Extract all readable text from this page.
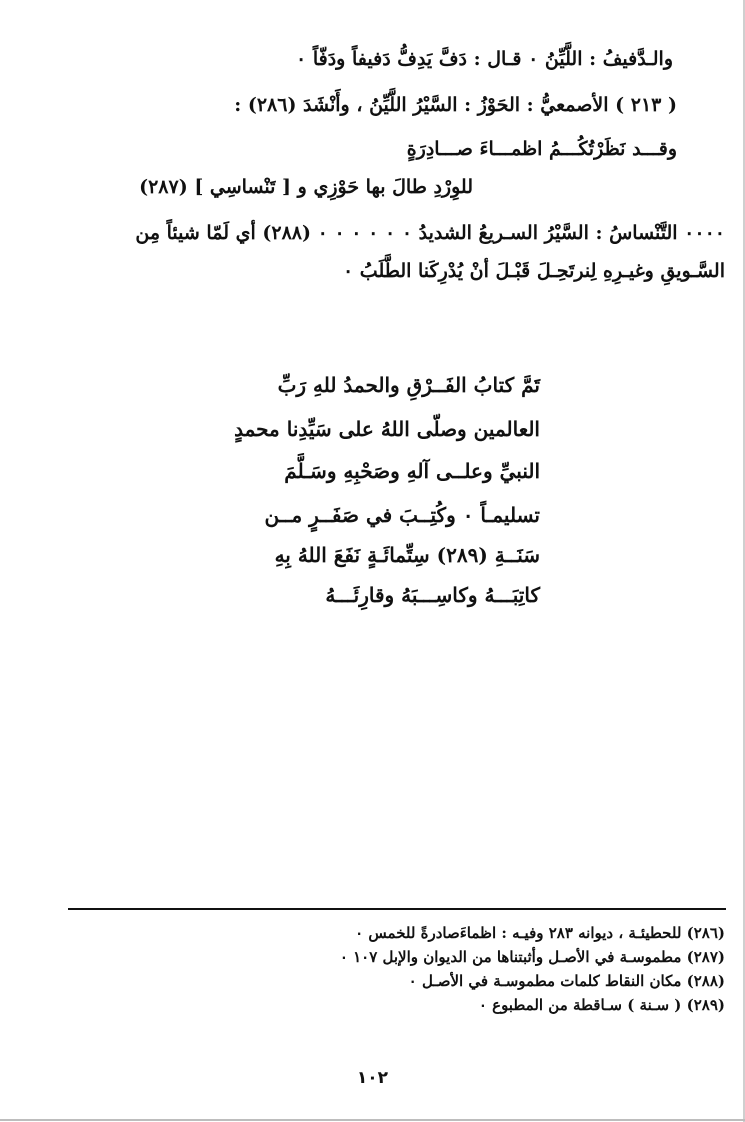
والـدَّفيفُ : اللَّيِّنُ ٠ قـال : دَفَّ يَدِفُّ دَفيفاً ودَفّاً ٠
( ٢١٣ ) الأصمعيُّ : الحَوْزُ : السَّيْرُ اللَّيِّنُ ، وأَنْشَدَ (٢٨٦) :
وقـــد نَظَرْتُكُـــمُ اظمـــاءَ صـــادِرَةٍ
للوِرْدِ طالَ بها حَوْزِي و [ تَنْساسِي ] (٢٨٧)
٠٠٠٠ التَّنْساسُ : السَّيْرُ السـريعُ الشديدُ ٠ ٠ ٠ ٠ ٠ ٠ (٢٨٨) أي لَمّا شيئاً مِن
السَّـويقِ وغيـرِهِ لِنرتَحِـلَ قَبْـلَ أنْ يُدْرِكَنا الطَّلَبُ ٠
تَمَّ كتابُ الفَــرْقِ والحمدُ للهِ رَبِّ
العالمين وصلّى اللهُ على سَيِّدِنا محمدٍ
النبيِّ وعلــى آلهِ وصَحْبِهِ وسَـلَّمَ
تسليمـاً ٠ وكُتِــبَ في صَفَــرٍ مــن
سَنَــةِ (٢٨٩) سِتِّمائَـةٍ نَفَعَ اللهُ بِهِ
كاتِبَـــهُ وكاسِـــبَهُ وقارِئَـــهُ
(٢٨٦) للحطيئـة ، ديوانه ٢٨٣ وفيـه : اظماءَصادرةً للخمس ٠
(٢٨٧) مطموسـة في الأصـل وأثبتناها من الديوان والإبل ١٠٧ ٠
(٢٨٨) مكان النقاط كلمات مطموسـة في الأصـل ٠
(٢٨٩) ( سـنة ) سـاقطة من المطبوع ٠
١٠٢
